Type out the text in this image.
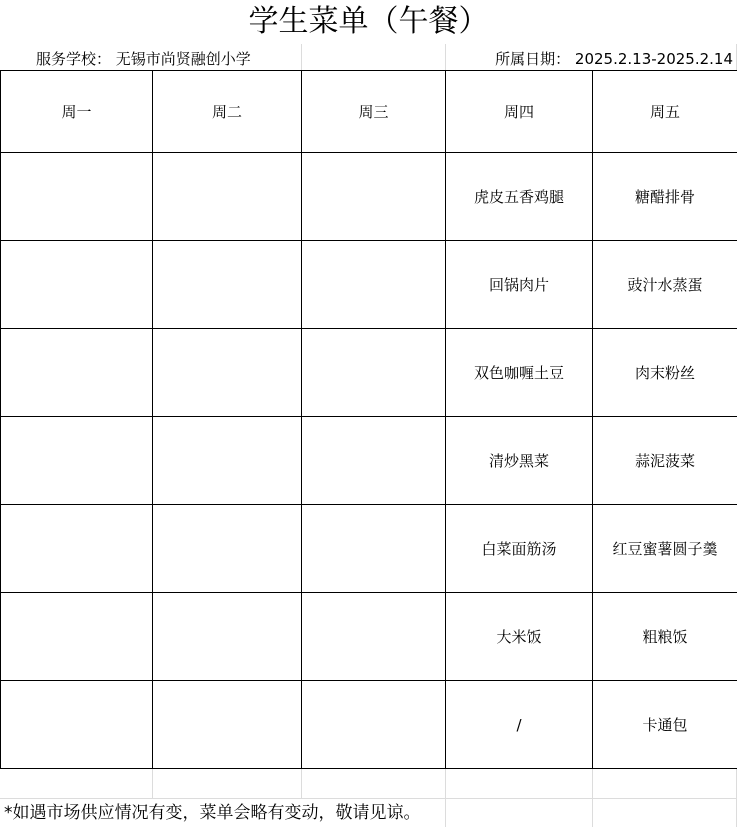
学生菜单（午餐）
服务学校： 无锡市尚贤融创小学	所属日期： 2025.2.13-2025.2.14
周一	周二	周三	周四	周五
			虎皮五香鸡腿	糖醋排骨
			回锅肉片	豉汁水蒸蛋
			双色咖喱土豆	肉末粉丝
			清炒黑菜	蒜泥菠菜
			白菜面筋汤	红豆蜜薯圆子羹
			大米饭	粗粮饭
			/	卡通包
*如遇市场供应情况有变，菜单会略有变动，敬请见谅。
